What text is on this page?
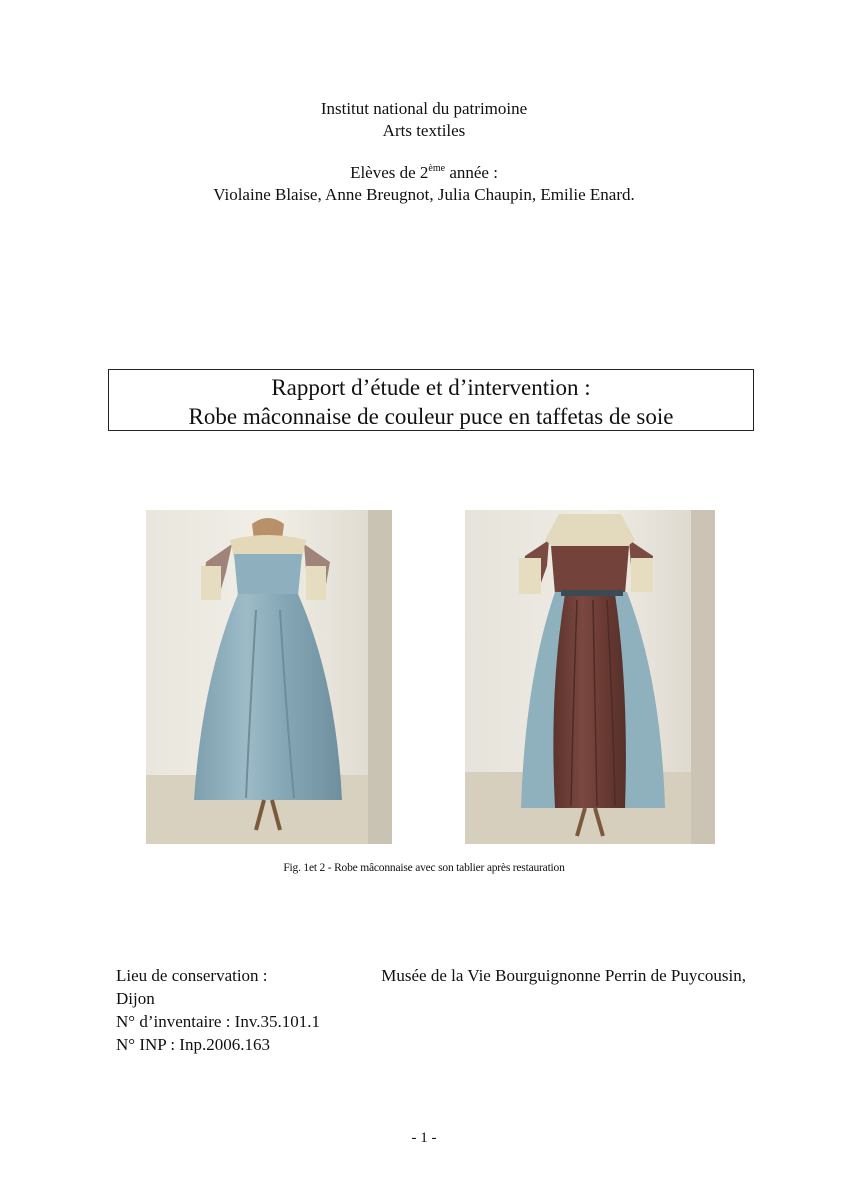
Institut national du patrimoine

Arts textiles

Elèves de 2ème année :

Violaine Blaise, Anne Breugnot, Julia Chaupin, Emilie Enard.

Rapport d’étude et d’intervention :
Robe mâconnaise de couleur puce en taffetas de soie
Fig. 1et 2 - Robe mâconnaise avec son tablier après restauration
Lieu de conservation :	Musée de la Vie Bourguignonne Perrin de Puycousin,
Dijon
N° d’inventaire : Inv.35.101.1
N° INP : Inp.2006.163
- 1 -
